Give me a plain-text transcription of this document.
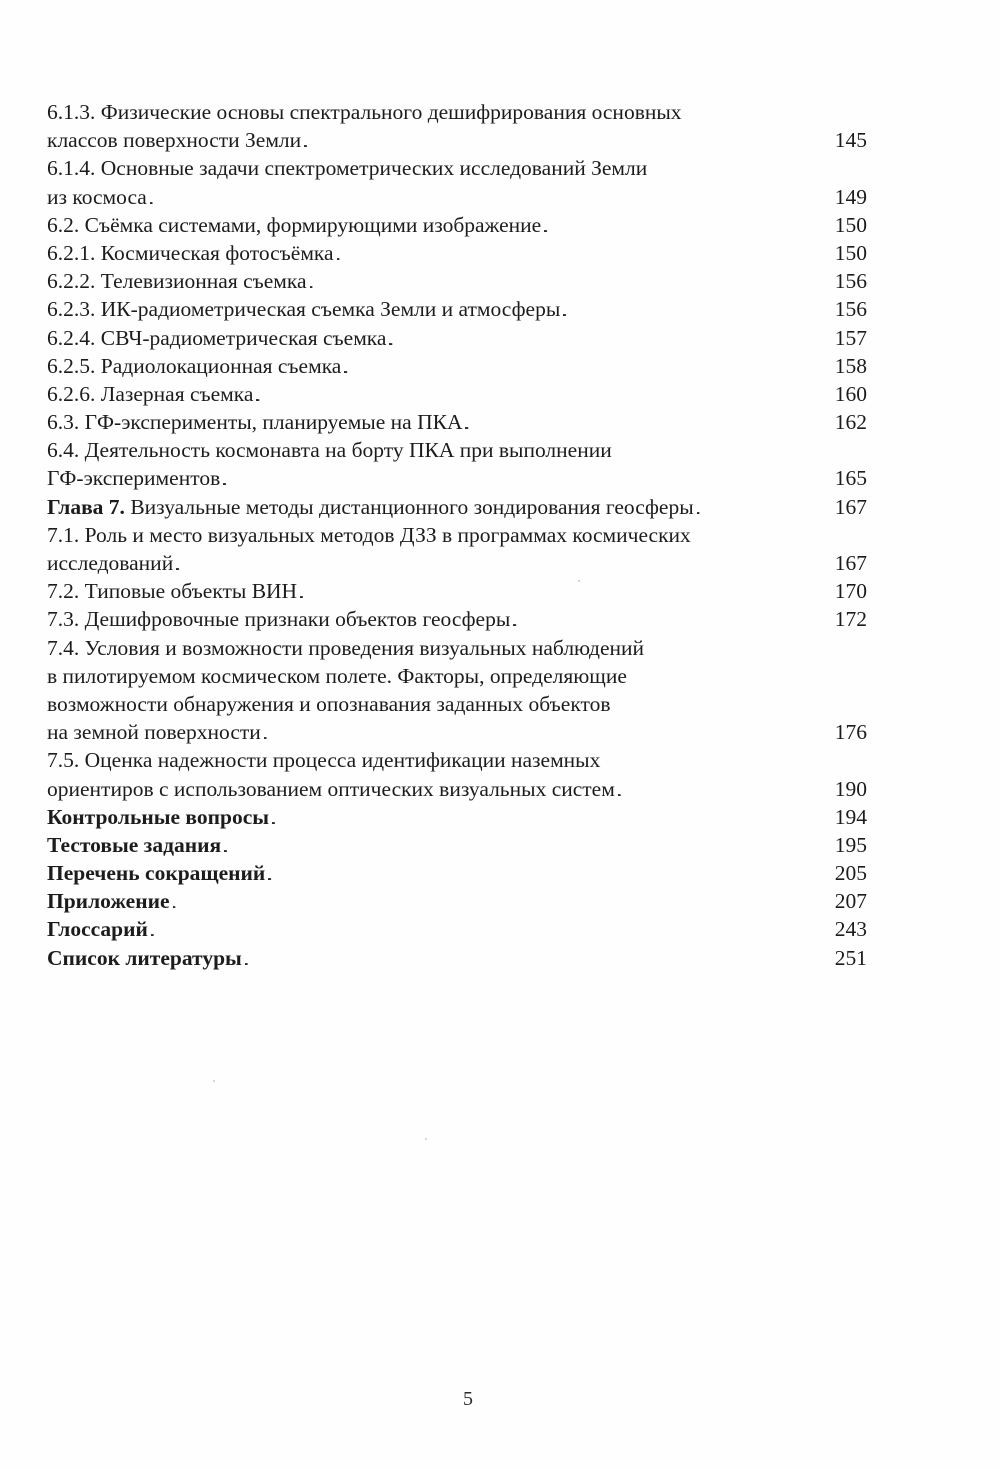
6.1.3. Физические основы спектрального дешифрирования основных
классов поверхности Земли . . .	145
6.1.4. Основные задачи спектрометрических исследований Земли
из космоса . . .	149
6.2. Съёмка системами, формирующими изображение . . .	150
6.2.1. Космическая фотосъёмка . . .	150
6.2.2. Телевизионная съемка . . .	156
6.2.3. ИК-радиометрическая съемка Земли и атмосферы . . .	156
6.2.4. СВЧ-радиометрическая съемка . . .	157
6.2.5. Радиолокационная съемка . . .	158
6.2.6. Лазерная съемка . . .	160
6.3. ГФ-эксперименты, планируемые на ПКА . . .	162
6.4. Деятельность космонавта на борту ПКА при выполнении
ГФ-экспериментов . . .	165
Глава 7. Визуальные методы дистанционного зондирования геосферы . . .	167
7.1. Роль и место визуальных методов ДЗЗ в программах космических
исследований . . .	167
7.2. Типовые объекты ВИН . . .	170
7.3. Дешифровочные признаки объектов геосферы . . .	172
7.4. Условия и возможности проведения визуальных наблюдений
в пилотируемом космическом полете. Факторы, определяющие
возможности обнаружения и опознавания заданных объектов
на земной поверхности . . .	176
7.5. Оценка надежности процесса идентификации наземных
ориентиров с использованием оптических визуальных систем . . .	190
Контрольные вопросы . . .	194
Тестовые задания . . .	195
Перечень сокращений . . .	205
Приложение . . .	207
Глоссарий . . .	243
Список литературы . . .	251
5
